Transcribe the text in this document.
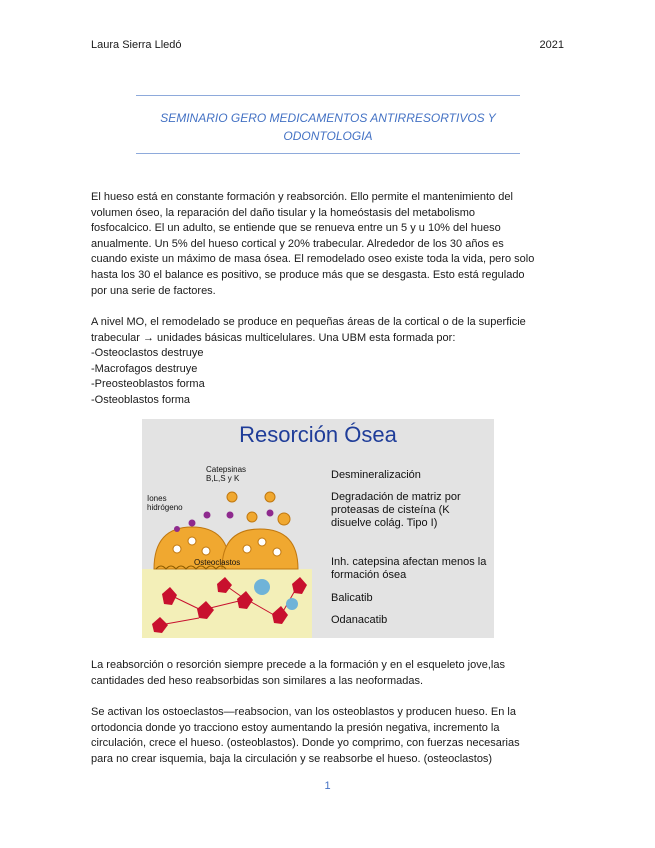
Laura Sierra Lledó	2021
SEMINARIO GERO MEDICAMENTOS ANTIRRESORTIVOS Y
ODONTOLOGIA

El hueso está en constante formación y reabsorción. Ello permite el mantenimiento del

volumen óseo, la reparación del daño tisular y la homeóstasis del metabolismo

fosfocalcico. El un adulto, se entiende que se renueva entre un 5 y u 10% del hueso

anualmente. Un 5% del hueso cortical y 20% trabecular. Alrededor de los 30 años es

cuando existe un máximo de masa ósea. El remodelado oseo existe toda la vida, pero solo

hasta los 30 el balance es positivo, se produce más que se desgasta. Esto está regulado

por una serie de factores.

A nivel MO, el remodelado se produce en pequeñas áreas de la cortical o de la superficie

trabecular → unidades básicas multicelulares. Una UBM esta formada por:

-Osteoclastos destruye

-Macrofagos destruye

-Preosteoblastos forma

-Osteoblastos forma

Resorción Ósea
Osteoclastos
Catepsinas
B,L,S y K
Iones
hidrógeno
Desmineralización
Degradación de matriz por proteasas de cisteína (K disuelve colág. Tipo I)
Inh. catepsina afectan menos la formación ósea
Balicatib
Odanacatib

La reabsorción o resorción siempre precede a la formación y en el esqueleto jove,las

cantidades ded heso reabsorbidas son similares a las neoformadas.

Se activan los ostoeclastos—reabsocion, van los osteoblastos y producen hueso. En la

ortodoncia donde yo tracciono estoy aumentando la presión negativa, incremento la

circulación, crece el hueso. (osteoblastos). Donde yo comprimo, con fuerzas necesarias

para no crear isquemia, baja la circulación y se reabsorbe el hueso. (osteoclastos)

1
